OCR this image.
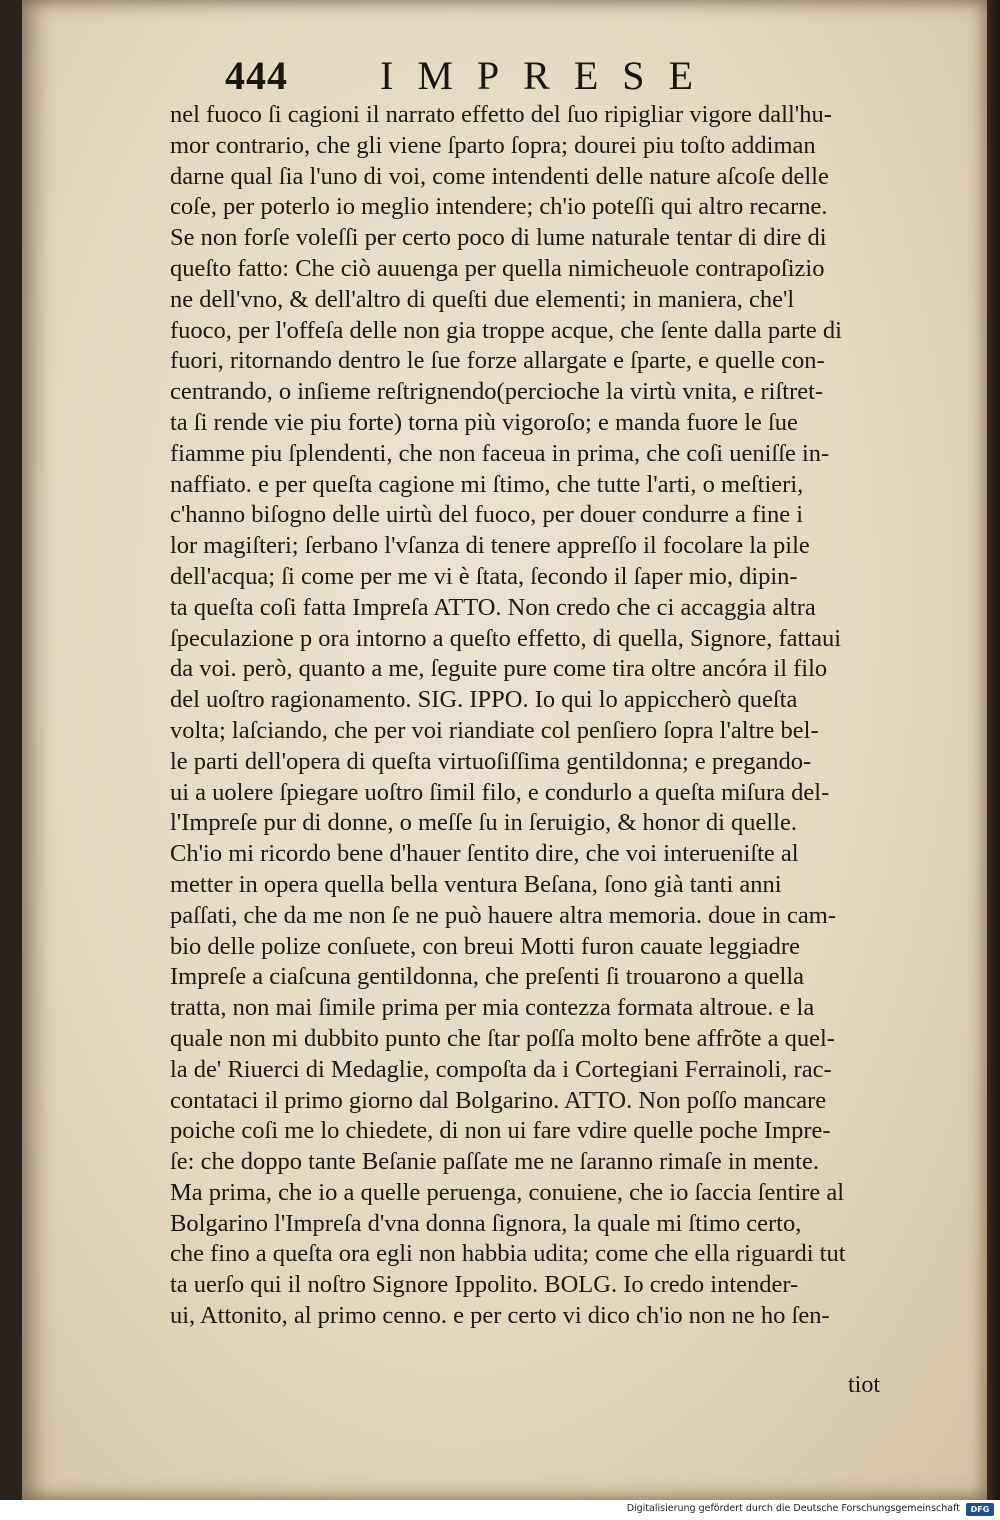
444 IMPRESE
nel fuoco ſi cagioni il narrato effetto del ſuo ripigliar vigore dall'hu-
mor contrario, che gli viene ſparto ſopra; dourei piu toſto addiman
darne qual ſia l'uno di voi, come intendenti delle nature aſcoſe delle
coſe, per poterlo io meglio intendere; ch'io poteſſi qui altro recarne.
Se non forſe voleſſi per certo poco di lume naturale tentar di dire di
queſto fatto: Che ciò auuenga per quella nimicheuole contrapoſizio
ne dell'vno, & dell'altro di queſti due elementi; in maniera, che'l
fuoco, per l'offeſa delle non gia troppe acque, che ſente dalla parte di
fuori, ritornando dentro le ſue forze allargate e ſparte, e quelle con-
centrando, o inſieme reſtrignendo(percioche la virtù vnita, e riſtret-
ta ſi rende vie piu forte) torna più vigoroſo; e manda fuore le ſue
fiamme piu ſplendenti, che non faceua in prima, che coſi ueniſſe in-
naffiato. e per queſta cagione mi ſtimo, che tutte l'arti, o meſtieri,
c'hanno biſogno delle uirtù del fuoco, per douer condurre a fine i
lor magiſteri; ſerbano l'vſanza di tenere appreſſo il focolare la pile
dell'acqua; ſi come per me vi è ſtata, ſecondo il ſaper mio, dipin-
ta queſta coſi fatta Impreſa ATTO. Non credo che ci accaggia altra
ſpeculazione p ora intorno a queſto effetto, di quella, Signore, fattaui
da voi. però, quanto a me, ſeguite pure come tira oltre ancóra il filo
del uoſtro ragionamento. SIG. IPPO. Io qui lo appiccherò queſta
volta; laſciando, che per voi riandiate col penſiero ſopra l'altre bel-
le parti dell'opera di queſta virtuoſiſſima gentildonna; e pregando-
ui a uolere ſpiegare uoſtro ſimil filo, e condurlo a queſta miſura del-
l'Impreſe pur di donne, o meſſe ſu in ſeruigio, & honor di quelle.
Ch'io mi ricordo bene d'hauer ſentito dire, che voi interueniſte al
metter in opera quella bella ventura Beſana, ſono già tanti anni
paſſati, che da me non ſe ne può hauere altra memoria. doue in cam-
bio delle polize conſuete, con breui Motti furon cauate leggiadre
Impreſe a ciaſcuna gentildonna, che preſenti ſi trouarono a quella
tratta, non mai ſimile prima per mia contezza formata altroue. e la
quale non mi dubbito punto che ſtar poſſa molto bene affrõte a quel-
la de' Riuerci di Medaglie, compoſta da i Cortegiani Ferrainoli, rac-
contataci il primo giorno dal Bolgarino. ATTO. Non poſſo mancare
poiche coſi me lo chiedete, di non ui fare vdire quelle poche Impre-
ſe: che doppo tante Beſanie paſſate me ne ſaranno rimaſe in mente.
Ma prima, che io a quelle peruenga, conuiene, che io ſaccia ſentire al
Bolgarino l'Impreſa d'vna donna ſignora, la quale mi ſtimo certo,
che fino a queſta ora egli non habbia udita; come che ella riguardi tut
ta uerſo qui il noſtro Signore Ippolito. BOLG. Io credo intender-
ui, Attonito, al primo cenno. e per certo vi dico ch'io non ne ho ſen-
tiot
Digitalisierung gefördert durch die Deutsche Forschungsgemeinschaft	DFG
